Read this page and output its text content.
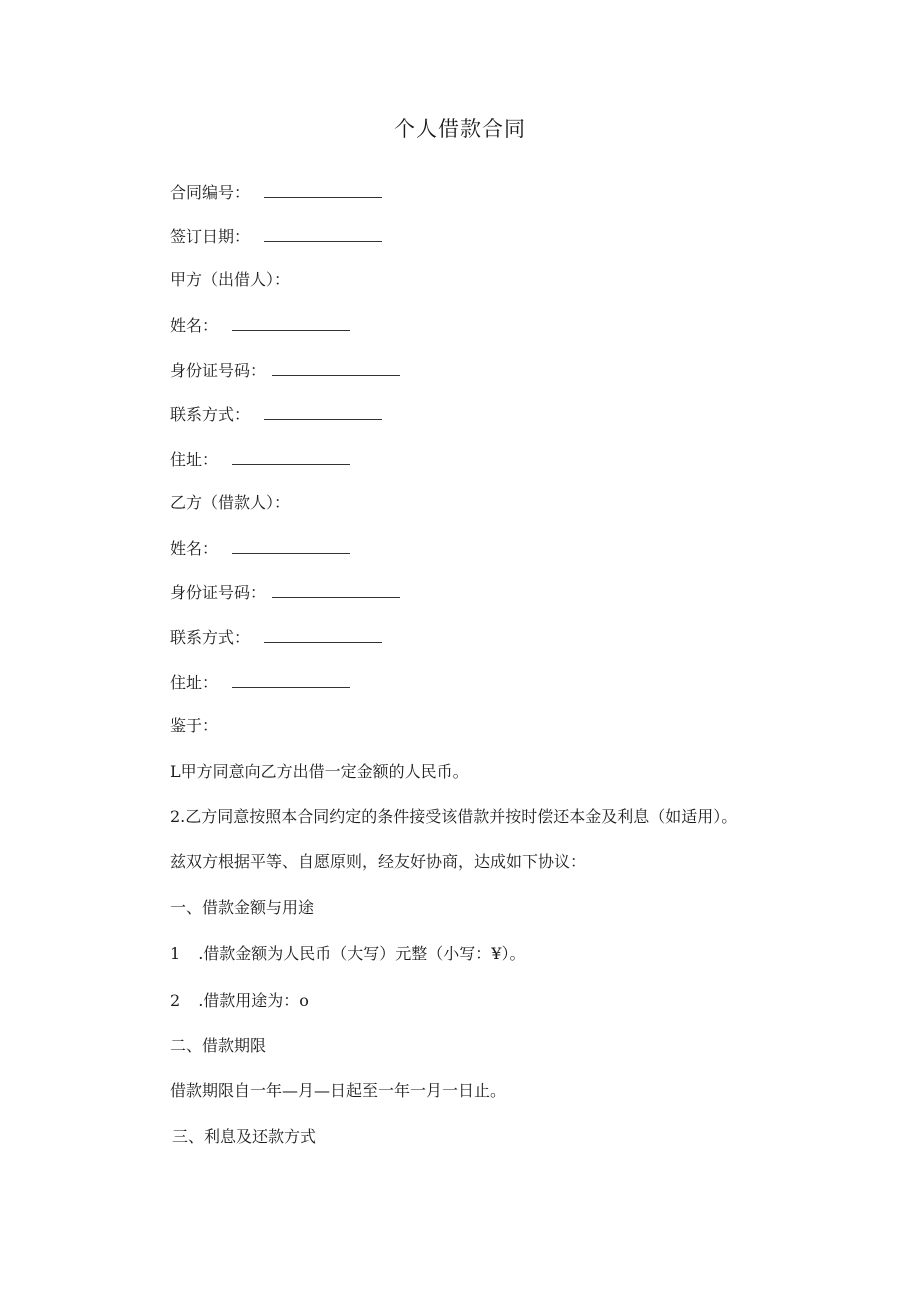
个人借款合同
合同编号：
签订日期：
甲方（出借人）：
姓名：
身份证号码：
联系方式：
住址：
乙方（借款人）：
姓名：
身份证号码：
联系方式：
住址：
鉴于：
L甲方同意向乙方出借一定金额的人民币。
2.乙方同意按照本合同约定的条件接受该借款并按时偿还本金及利息（如适用）。
兹双方根据平等、自愿原则，经友好协商，达成如下协议：
一、借款金额与用途
1 .借款金额为人民币（大写）元整（小写：¥）。
2 .借款用途为：o
二、借款期限
借款期限自一年—月—日起至一年一月一日止。
三、利息及还款方式
